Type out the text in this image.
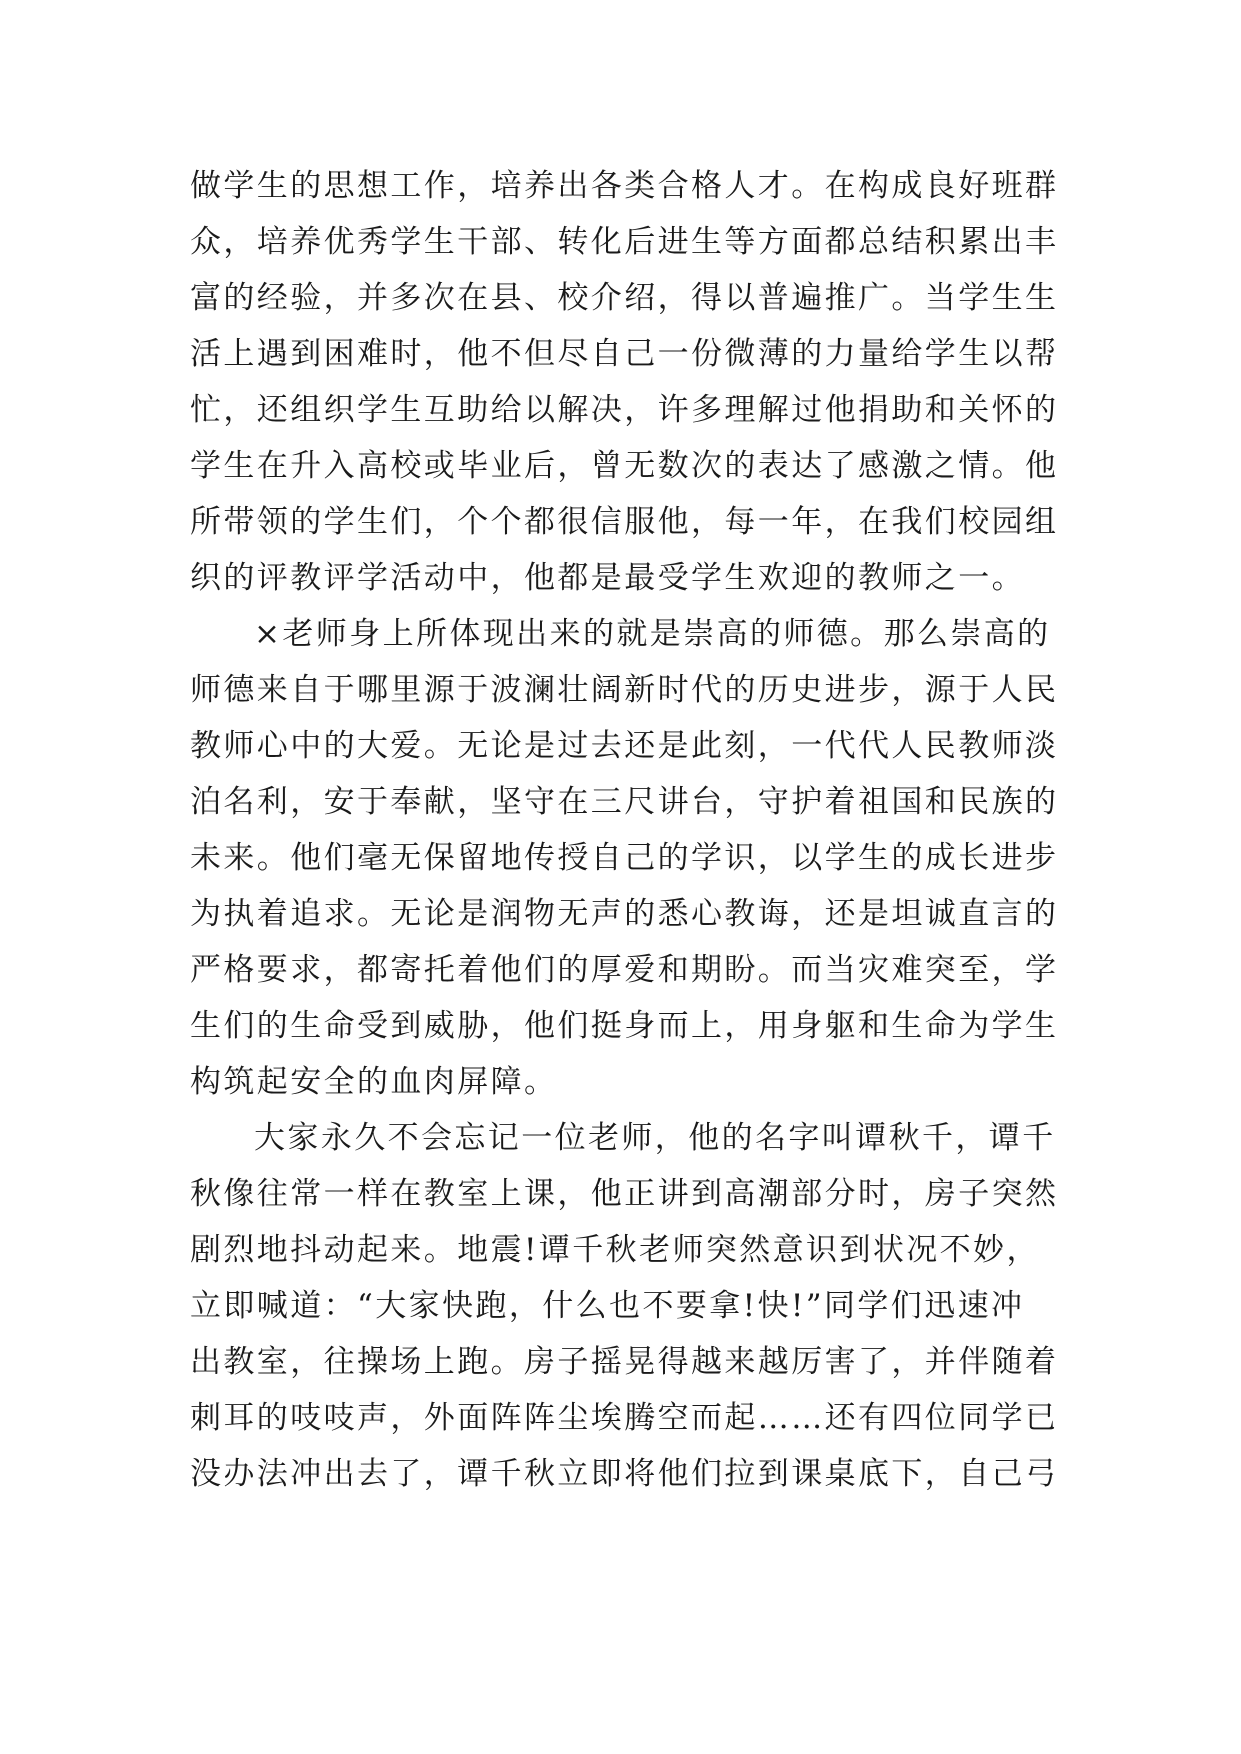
做学生的思想工作，培养出各类合格人才。在构成良好班群
众，培养优秀学生干部、转化后进生等方面都总结积累出丰
富的经验，并多次在县、校介绍，得以普遍推广。当学生生
活上遇到困难时，他不但尽自己一份微薄的力量给学生以帮
忙，还组织学生互助给以解决，许多理解过他捐助和关怀的
学生在升入高校或毕业后，曾无数次的表达了感激之情。他
所带领的学生们，个个都很信服他，每一年，在我们校园组
织的评教评学活动中，他都是最受学生欢迎的教师之一。
×老师身上所体现出来的就是崇高的师德。那么崇高的
师德来自于哪里源于波澜壮阔新时代的历史进步，源于人民
教师心中的大爱。无论是过去还是此刻，一代代人民教师淡
泊名利，安于奉献，坚守在三尺讲台，守护着祖国和民族的
未来。他们毫无保留地传授自己的学识，以学生的成长进步
为执着追求。无论是润物无声的悉心教诲，还是坦诚直言的
严格要求，都寄托着他们的厚爱和期盼。而当灾难突至，学
生们的生命受到威胁，他们挺身而上，用身躯和生命为学生
构筑起安全的血肉屏障。
大家永久不会忘记一位老师，他的名字叫谭秋千，谭千
秋像往常一样在教室上课，他正讲到高潮部分时，房子突然
剧烈地抖动起来。地震!谭千秋老师突然意识到状况不妙，
立即喊道：“大家快跑，什么也不要拿!快!”同学们迅速冲
出教室，往操场上跑。房子摇晃得越来越厉害了，并伴随着
刺耳的吱吱声，外面阵阵尘埃腾空而起……还有四位同学已
没办法冲出去了，谭千秋立即将他们拉到课桌底下，自己弓
